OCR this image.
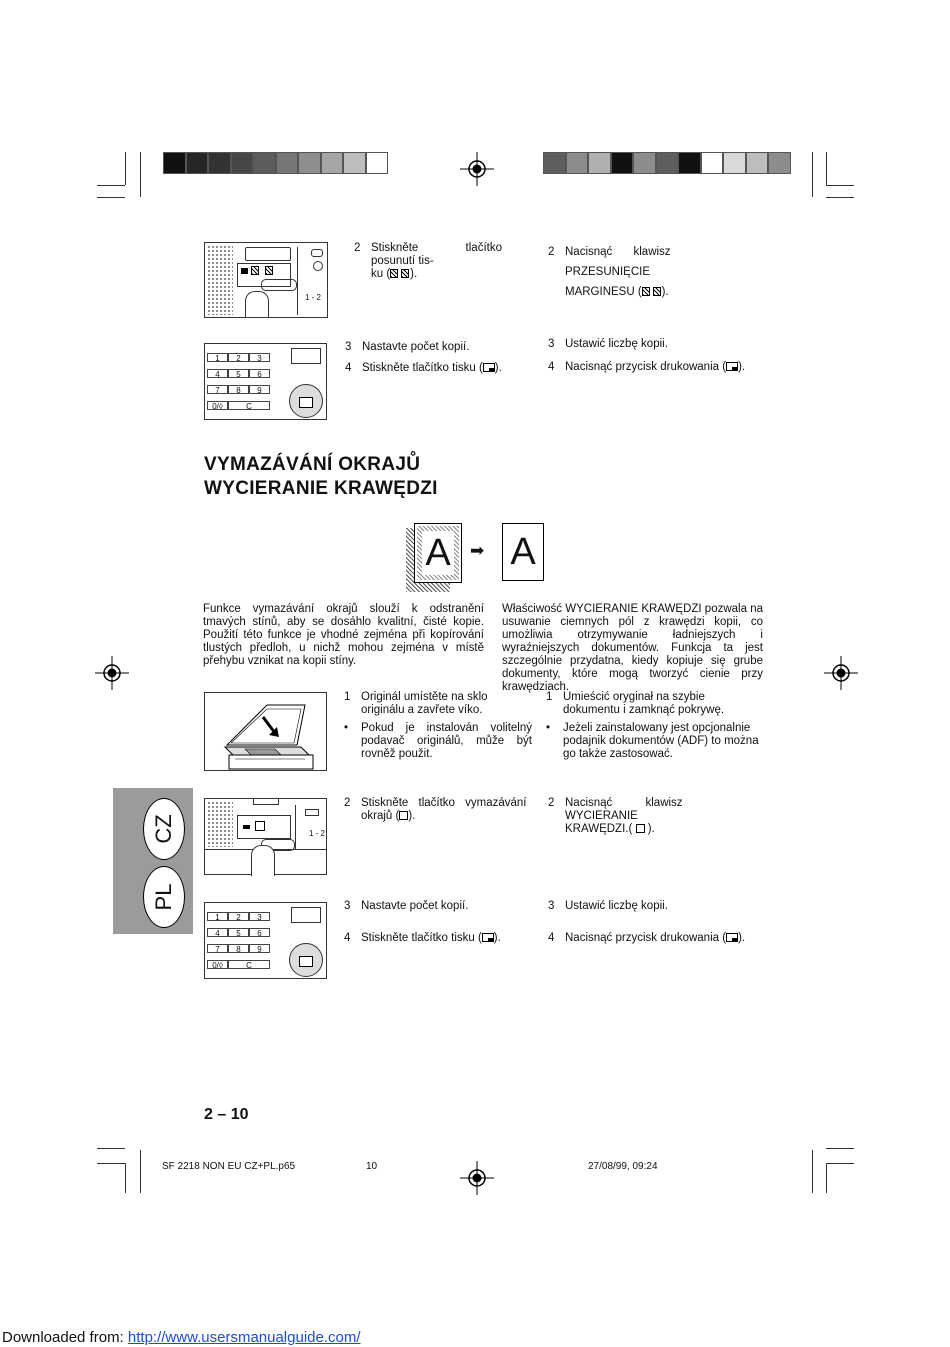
1 - 2
2 Stiskněte tlačítko posunutí tis-
ku ( ).
2 Nacisnąć klawisz PRZESUNIĘCIE
MARGINESU ( ).
1	2	3
4	5	6
7	8	9
0/◊	C
3 Nastavte počet kopií.
4 Stiskněte tlačítko tisku ( ).
3 Ustawić liczbę kopii.
4 Nacisnąć przycisk drukowania ( ).
VYMAZÁVÁNÍ OKRAJŮ
WYCIERANIE KRAWĘDZI
A	➡ A
Funkce vymazávání okrajů slouží k odstranění tmavých stínů, aby se dosáhlo kvalitní, čisté kopie. Použití této funkce je vhodné zejména při kopírování tlustých předloh, u nichž mohou zejména v místě přehybu vznikat na kopii stíny.
Właściwość WYCIERANIE KRAWĘDZI pozwala na usuwanie ciemnych pól z krawędzi kopii, co umożliwia otrzymywanie ładniejszych i wyraźniejszych dokumentów. Funkcja ta jest szczególnie przydatna, kiedy kopiuje się grube dokumenty, które mogą tworzyć cienie przy krawędziach.
1 Originál umístěte na sklo originálu a zavřete víko.
• Pokud je instalován volitelný podavač originálů, může být rovněž použit.
1 Umieścić oryginał na szybie dokumentu i zamknąć pokrywę.
• Jeżeli zainstalowany jest opcjonalnie podajnik dokumentów (ADF) to można go także zastosować.
CZ
PL
1 - 2
2 Stiskněte tlačítko vymazávání
okrajů ( ).
2 Nacisnąć klawisz WYCIERANIE
KRAWĘDZI.( ).
1	2	3
4	5	6
7	8	9
0/◊	C
3 Nastavte počet kopií.
4 Stiskněte tlačítko tisku ( ).
3 Ustawić liczbę kopii.
4 Nacisnąć przycisk drukowania ( ).
2 – 10
SF 2218 NON EU CZ+PL.p65	10	27/08/99, 09:24
Downloaded from: http://www.usersmanualguide.com/
